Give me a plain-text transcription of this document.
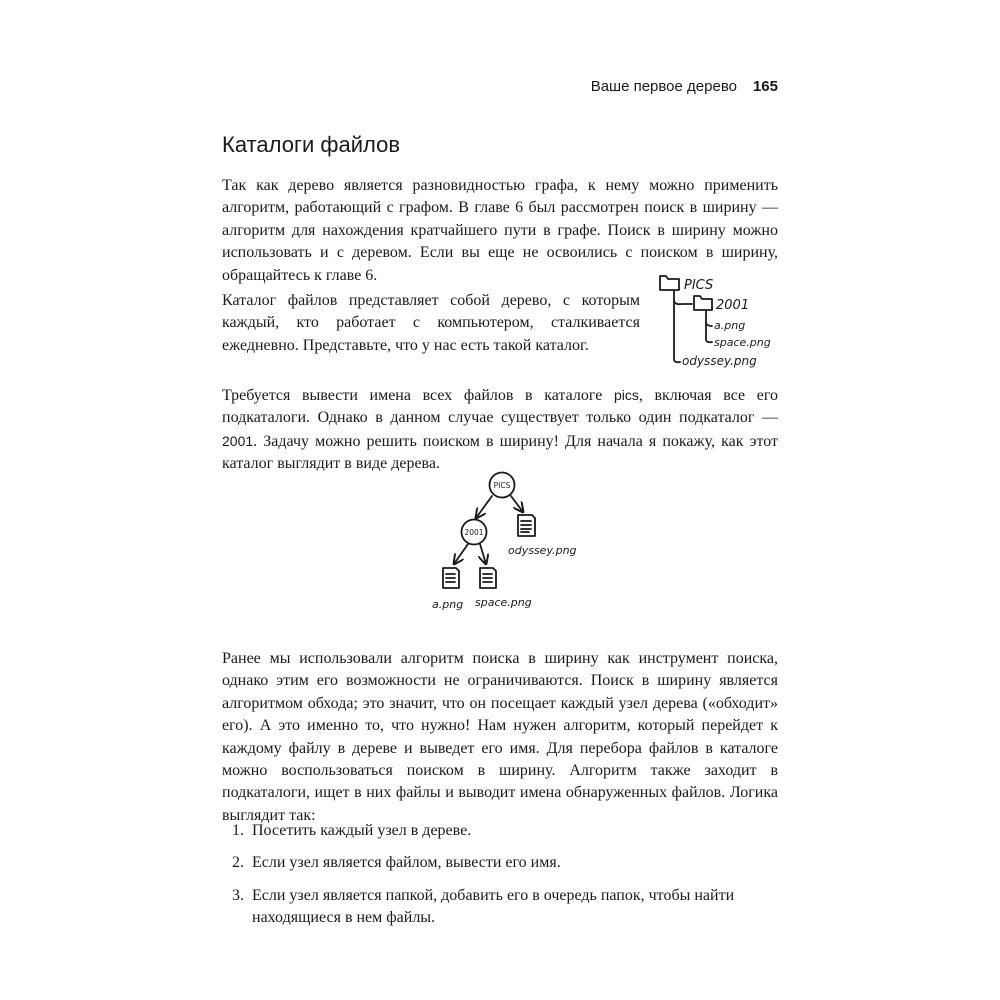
Ваше первое дерево 165
Каталоги файлов

Так как дерево является разновидностью графа, к нему можно применить алгоритм, работающий с графом. В главе 6 был рассмотрен поиск в ширину — алгоритм для нахождения кратчайшего пути в графе. Поиск в ширину можно использовать и с деревом. Если вы еще не освоились с поиском в ширину, обращайтесь к главе 6.

Каталог файлов представляет собой дерево, с которым каждый, кто работает с компьютером, сталкивается ежедневно. Представьте, что у нас есть такой каталог.

PICS
2001
a.png
space.png
odyssey.png

Требуется вывести имена всех файлов в каталоге pics, включая все его подкаталоги. Однако в данном случае существует только один подкаталог — 2001. Задачу можно решить поиском в ширину! Для начала я покажу, как этот каталог выглядит в виде дерева.

PICS
2001
odyssey.png
a.png space.png

Ранее мы использовали алгоритм поиска в ширину как инструмент поиска, однако этим его возможности не ограничиваются. Поиск в ширину является алгоритмом обхода; это значит, что он посещает каждый узел дерева («обходит» его). А это именно то, что нужно! Нам нужен алгоритм, который перейдет к каждому файлу в дереве и выведет его имя. Для перебора файлов в каталоге можно воспользоваться поиском в ширину. Алгоритм также заходит в подкаталоги, ищет в них файлы и выводит имена обнаруженных файлов. Логика выглядит так:

1. Посетить каждый узел в дереве.
2. Если узел является файлом, вывести его имя.
3. Если узел является папкой, добавить его в очередь папок, чтобы найти находящиеся в нем файлы.
